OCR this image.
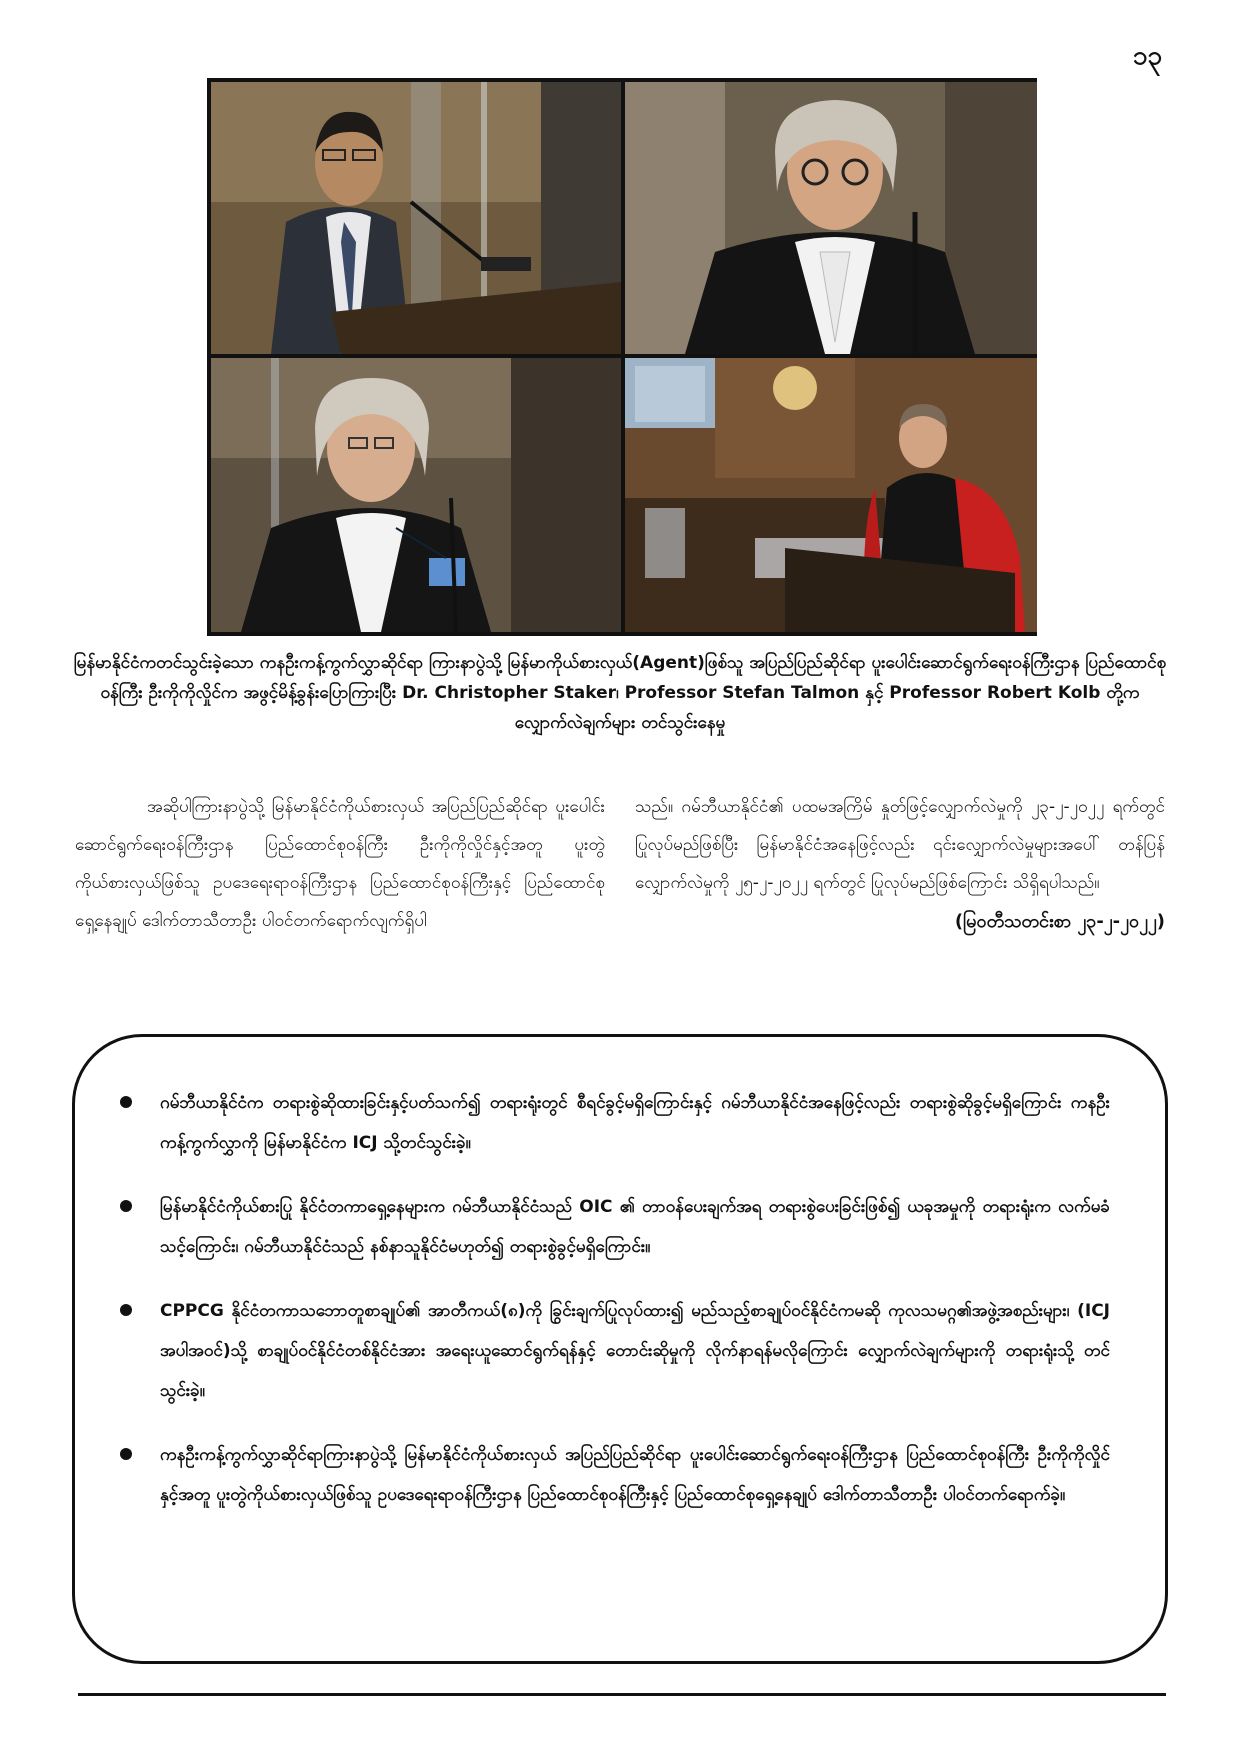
၁၃
မြန်မာနိုင်ငံကတင်သွင်းခဲ့သော ကနဦးကန့်ကွက်လွှာဆိုင်ရာ ကြားနာပွဲသို့ မြန်မာကိုယ်စားလှယ်(Agent)ဖြစ်သူ အပြည်ပြည်ဆိုင်ရာ ပူးပေါင်းဆောင်ရွက်ရေးဝန်ကြီးဌာန ပြည်ထောင်စုဝန်ကြီး ဦးကိုကိုလှိုင်က အဖွင့်မိန့်ခွန်းပြောကြားပြီး Dr. Christopher Staker၊ Professor Stefan Talmon နှင့် Professor Robert Kolb တို့က လျှောက်လဲချက်များ တင်သွင်းနေမှု

အဆိုပါကြားနာပွဲသို့ မြန်မာနိုင်ငံကိုယ်စားလှယ် အပြည်ပြည်ဆိုင်ရာ ပူးပေါင်းဆောင်ရွက်ရေးဝန်ကြီးဌာန ပြည်ထောင်စုဝန်ကြီး ဦးကိုကိုလှိုင်နှင့်အတူ ပူးတွဲကိုယ်စားလှယ်ဖြစ်သူ ဥပဒေရေးရာဝန်ကြီးဌာန ပြည်ထောင်စုဝန်ကြီးနှင့် ပြည်ထောင်စုရှေ့နေချုပ် ဒေါက်တာသီတာဦး ပါဝင်တက်ရောက်လျက်ရှိပါ

သည်။ ဂမ်ဘီယာနိုင်ငံ၏ ပထမအကြိမ် နှုတ်ဖြင့်လျှောက်လဲမှုကို ၂၃-၂-၂၀၂၂ ရက်တွင် ပြုလုပ်မည်ဖြစ်ပြီး မြန်မာနိုင်ငံအနေဖြင့်လည်း ၎င်းလျှောက်လဲမှုများအပေါ် တန်ပြန်လျှောက်လဲမှုကို ၂၅-၂-၂၀၂၂ ရက်တွင် ပြုလုပ်မည်ဖြစ်ကြောင်း သိရှိရပါသည်။

(မြဝတီသတင်းစာ ၂၃-၂-၂၀၂၂)
ဂမ်ဘီယာနိုင်ငံက တရားစွဲဆိုထားခြင်းနှင့်ပတ်သက်၍ တရားရုံးတွင် စီရင်ခွင့်မရှိကြောင်းနှင့် ဂမ်ဘီယာနိုင်ငံအနေဖြင့်လည်း တရားစွဲဆိုခွင့်မရှိကြောင်း ကနဦးကန့်ကွက်လွှာကို မြန်မာနိုင်ငံက ICJ သို့တင်သွင်းခဲ့။
မြန်မာနိုင်ငံကိုယ်စားပြု နိုင်ငံတကာရှေ့နေများက ဂမ်ဘီယာနိုင်ငံသည် OIC ၏ တာဝန်ပေးချက်အရ တရားစွဲပေးခြင်းဖြစ်၍ ယခုအမှုကို တရားရုံးက လက်မခံသင့်ကြောင်း၊ ဂမ်ဘီယာနိုင်ငံသည် နစ်နာသူနိုင်ငံမဟုတ်၍ တရားစွဲခွင့်မရှိကြောင်း။
CPPCG နိုင်ငံတကာသဘောတူစာချုပ်၏ အာတီကယ်(၈)ကို ခြွင်းချက်ပြုလုပ်ထား၍ မည်သည့်စာချုပ်ဝင်နိုင်ငံကမဆို ကုလသမဂ္ဂ၏အဖွဲ့အစည်းများ၊ (ICJ အပါအဝင်)သို့ စာချုပ်ဝင်နိုင်ငံတစ်နိုင်ငံအား အရေးယူဆောင်ရွက်ရန်နှင့် တောင်းဆိုမှုကို လိုက်နာရန်မလိုကြောင်း လျှောက်လဲချက်များကို တရားရုံးသို့ တင်သွင်းခဲ့။
ကနဦးကန့်ကွက်လွှာဆိုင်ရာကြားနာပွဲသို့ မြန်မာနိုင်ငံကိုယ်စားလှယ် အပြည်ပြည်ဆိုင်ရာ ပူးပေါင်းဆောင်ရွက်ရေးဝန်ကြီးဌာန ပြည်ထောင်စုဝန်ကြီး ဦးကိုကိုလှိုင်နှင့်အတူ ပူးတွဲကိုယ်စားလှယ်ဖြစ်သူ ဥပဒေရေးရာဝန်ကြီးဌာန ပြည်ထောင်စုဝန်ကြီးနှင့် ပြည်ထောင်စုရှေ့နေချုပ် ဒေါက်တာသီတာဦး ပါဝင်တက်ရောက်ခဲ့။
